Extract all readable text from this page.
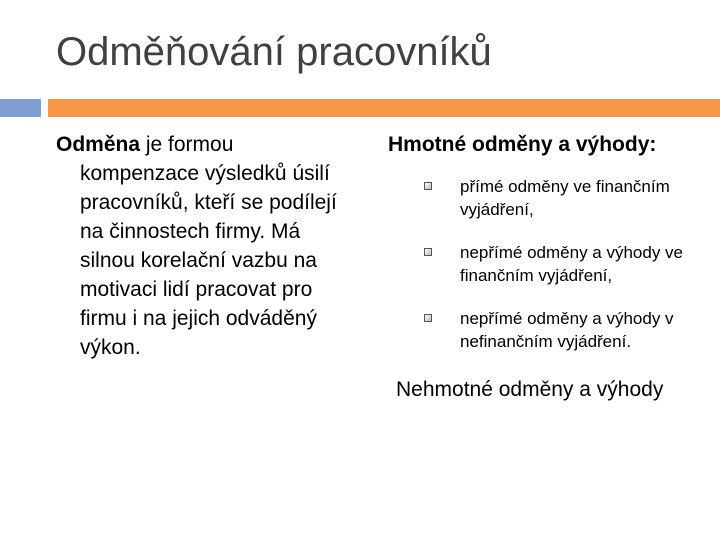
Odměňování pracovníků

Odměna je formou kompenzace výsledků úsilí pracovníků, kteří se podílejí na činnostech firmy. Má silnou korelační vazbu na motivaci lidí pracovat pro firmu i na jejich odváděný výkon.

Hmotné odměny a výhody:

přímé odměny ve finančním vyjádření,
nepřímé odměny a výhody ve finančním vyjádření,
nepřímé odměny a výhody v nefinančním vyjádření.

Nehmotné odměny a výhody
